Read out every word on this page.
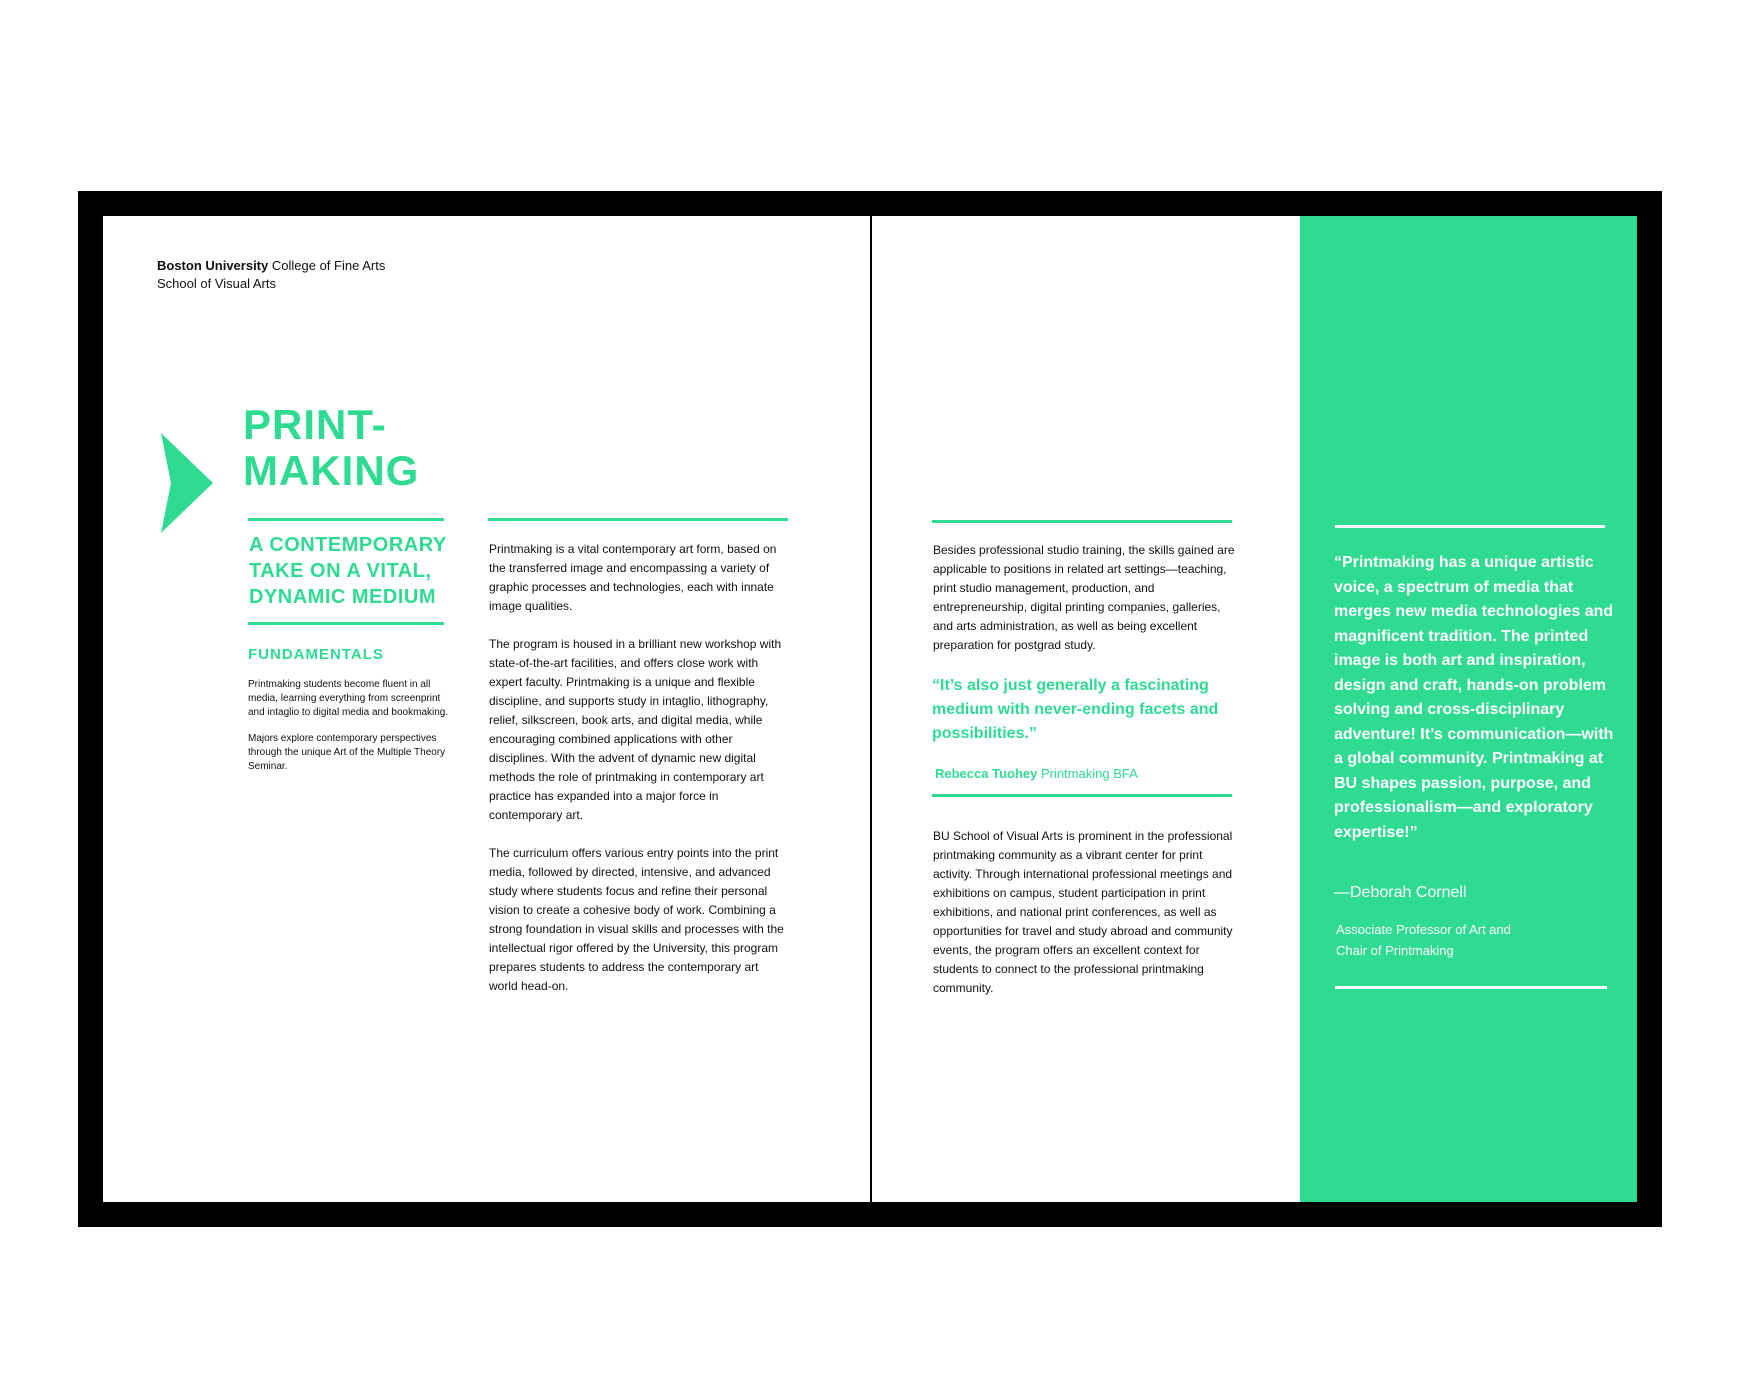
Boston University College of Fine Arts
School of Visual Arts
PRINT-
MAKING
A CONTEMPORARY TAKE ON A VITAL, DYNAMIC MEDIUM
FUNDAMENTALS

Printmaking students become fluent in all media, learning everything from screenprint and intaglio to digital media and bookmaking.

Majors explore contemporary perspectives through the unique Art of the Multiple Theory Seminar.

Printmaking is a vital contemporary art form, based on the transferred image and encompassing a variety of graphic processes and technologies, each with innate image qualities.

The program is housed in a brilliant new workshop with state-of-the-art facilities, and offers close work with expert faculty. Printmaking is a unique and flexible discipline, and supports study in intaglio, lithography, relief, silkscreen, book arts, and digital media, while encouraging combined applications with other disciplines. With the advent of dynamic new digital methods the role of printmaking in contemporary art practice has expanded into a major force in contemporary art.

The curriculum offers various entry points into the print media, followed by directed, intensive, and advanced study where students focus and refine their personal vision to create a cohesive body of work. Combining a strong foundation in visual skills and processes with the intellectual rigor offered by the University, this program prepares students to address the contemporary art world head-on.

Besides professional studio training, the skills gained are applicable to positions in related art settings—teaching, print studio management, production, and entrepreneurship, digital printing companies, galleries, and arts administration, as well as being excellent preparation for postgrad study.

“It’s also just generally a fascinating medium with never-ending facets and possibilities.”
Rebecca Tuohey Printmaking BFA

BU School of Visual Arts is prominent in the professional printmaking community as a vibrant center for print activity. Through international professional meetings and exhibitions on campus, student participation in print exhibitions, and national print conferences, as well as opportunities for travel and study abroad and community events, the program offers an excellent context for students to connect to the professional printmaking community.

“Printmaking has a unique artistic voice, a spectrum of media that merges new media technologies and magnificent tradition. The printed image is both art and inspiration, design and craft, hands-on problem solving and cross-disciplinary adventure! It’s communication—with a global community. Printmaking at BU shapes passion, purpose, and professionalism—and exploratory expertise!”
—Deborah Cornell
Associate Professor of Art and
Chair of Printmaking
